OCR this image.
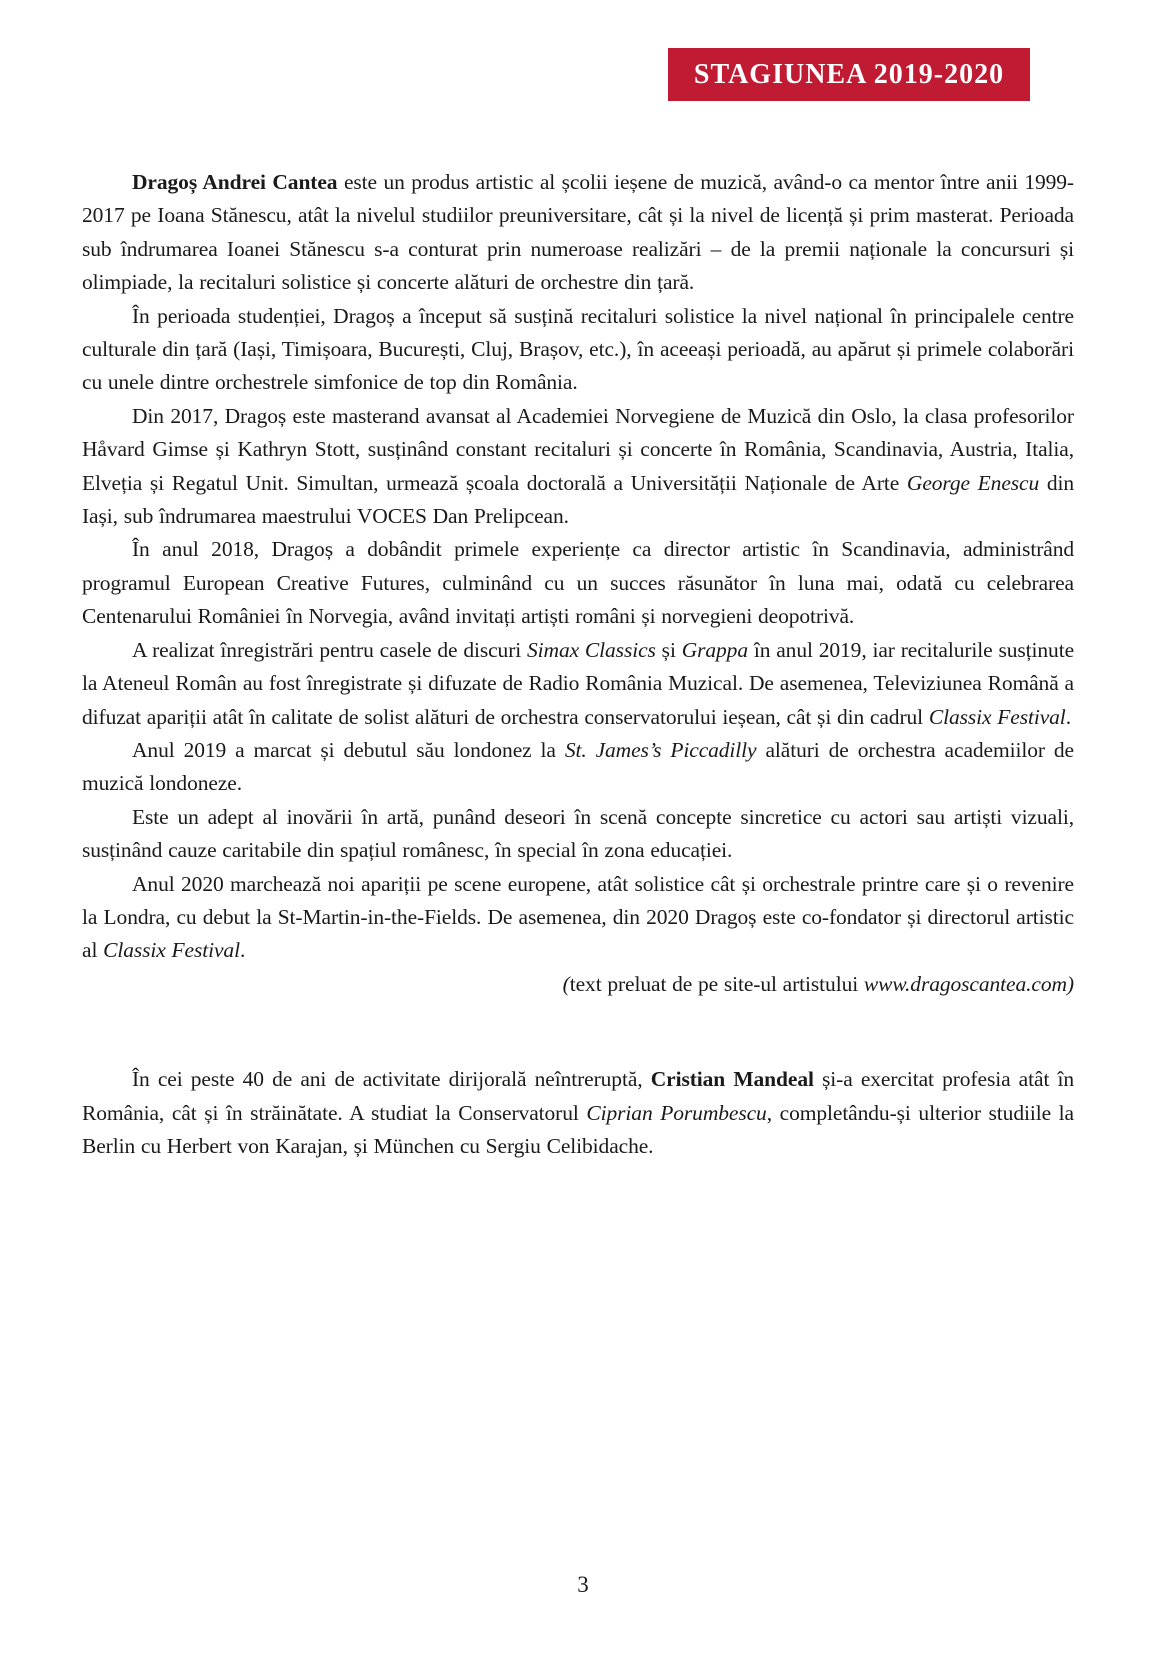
STAGIUNEA 2019-2020

Dragoș Andrei Cantea este un produs artistic al școlii ieșene de muzică, având-o ca mentor între anii 1999-2017 pe Ioana Stănescu, atât la nivelul studiilor preuniversitare, cât și la nivel de licență și prim masterat. Perioada sub îndrumarea Ioanei Stănescu s-a conturat prin numeroase realizări – de la premii naționale la concursuri și olimpiade, la recitaluri solistice și concerte alături de orchestre din țară.

În perioada studenției, Dragoș a început să susțină recitaluri solistice la nivel național în principalele centre culturale din țară (Iași, Timișoara, București, Cluj, Brașov, etc.), în aceeași perioadă, au apărut și primele colaborări cu unele dintre orchestrele simfonice de top din România.

Din 2017, Dragoș este masterand avansat al Academiei Norvegiene de Muzică din Oslo, la clasa profesorilor Håvard Gimse și Kathryn Stott, susținând constant recitaluri și concerte în România, Scandinavia, Austria, Italia, Elveția și Regatul Unit. Simultan, urmează școala doctorală a Universității Naționale de Arte George Enescu din Iași, sub îndrumarea maestrului VOCES Dan Prelipcean.

În anul 2018, Dragoș a dobândit primele experiențe ca director artistic în Scandinavia, administrând programul European Creative Futures, culminând cu un succes răsunător în luna mai, odată cu celebrarea Centenarului României în Norvegia, având invitați artiști români și norvegieni deopotrivă.

A realizat înregistrări pentru casele de discuri Simax Classics și Grappa în anul 2019, iar recitalurile susținute la Ateneul Român au fost înregistrate și difuzate de Radio România Muzical. De asemenea, Televiziunea Română a difuzat apariții atât în calitate de solist alături de orchestra conservatorului ieșean, cât și din cadrul Classix Festival.

Anul 2019 a marcat și debutul său londonez la St. James’s Piccadilly alături de orchestra academiilor de muzică londoneze.

Este un adept al inovării în artă, punând deseori în scenă concepte sincretice cu actori sau artiști vizuali, susținând cauze caritabile din spațiul românesc, în special în zona educației.

Anul 2020 marchează noi apariții pe scene europene, atât solistice cât și orchestrale printre care și o revenire la Londra, cu debut la St-Martin-in-the-Fields. De asemenea, din 2020 Dragoș este co-fondator și directorul artistic al Classix Festival.

(text preluat de pe site-ul artistului www.dragoscantea.com)

În cei peste 40 de ani de activitate dirijorală neîntreruptă, Cristian Mandeal și-a exercitat profesia atât în România, cât și în străinătate. A studiat la Conservatorul Ciprian Porumbescu, completându-și ulterior studiile la Berlin cu Herbert von Karajan, și München cu Sergiu Celibidache.

3
